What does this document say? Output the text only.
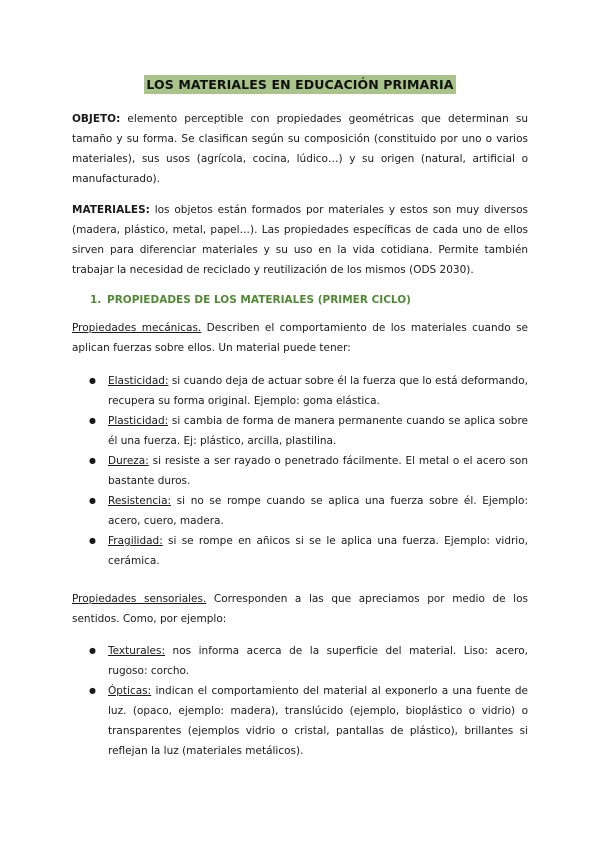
LOS MATERIALES EN EDUCACIÓN PRIMARIA

OBJETO: elemento perceptible con propiedades geométricas que determinan su tamaño y su forma. Se clasifican según su composición (constituido por uno o varios materiales), sus usos (agrícola, cocina, lúdico…) y su origen (natural, artificial o manufacturado).

MATERIALES: los objetos están formados por materiales y estos son muy diversos (madera, plástico, metal, papel…). Las propiedades específicas de cada uno de ellos sirven para diferenciar materiales y su uso en la vida cotidiana. Permite también trabajar la necesidad de reciclado y reutilización de los mismos (ODS 2030).

1. PROPIEDADES DE LOS MATERIALES (PRIMER CICLO)

Propiedades mecánicas. Describen el comportamiento de los materiales cuando se aplican fuerzas sobre ellos. Un material puede tener:

● Elasticidad: si cuando deja de actuar sobre él la fuerza que lo está deformando, recupera su forma original. Ejemplo: goma elástica.
● Plasticidad: si cambia de forma de manera permanente cuando se aplica sobre él una fuerza. Ej: plástico, arcilla, plastilina.
● Dureza: si resiste a ser rayado o penetrado fácilmente. El metal o el acero son bastante duros.
● Resistencia: si no se rompe cuando se aplica una fuerza sobre él. Ejemplo: acero, cuero, madera.
● Fragilidad: si se rompe en añicos si se le aplica una fuerza. Ejemplo: vidrio, cerámica.

Propiedades sensoriales. Corresponden a las que apreciamos por medio de los sentidos. Como, por ejemplo:

● Texturales: nos informa acerca de la superficie del material. Liso: acero, rugoso: corcho.
● Ópticas: indican el comportamiento del material al exponerlo a una fuente de luz. (opaco, ejemplo: madera), translúcido (ejemplo, bioplástico o vidrio) o transparentes (ejemplos vidrio o cristal, pantallas de plástico), brillantes si reflejan la luz (materiales metálicos).
